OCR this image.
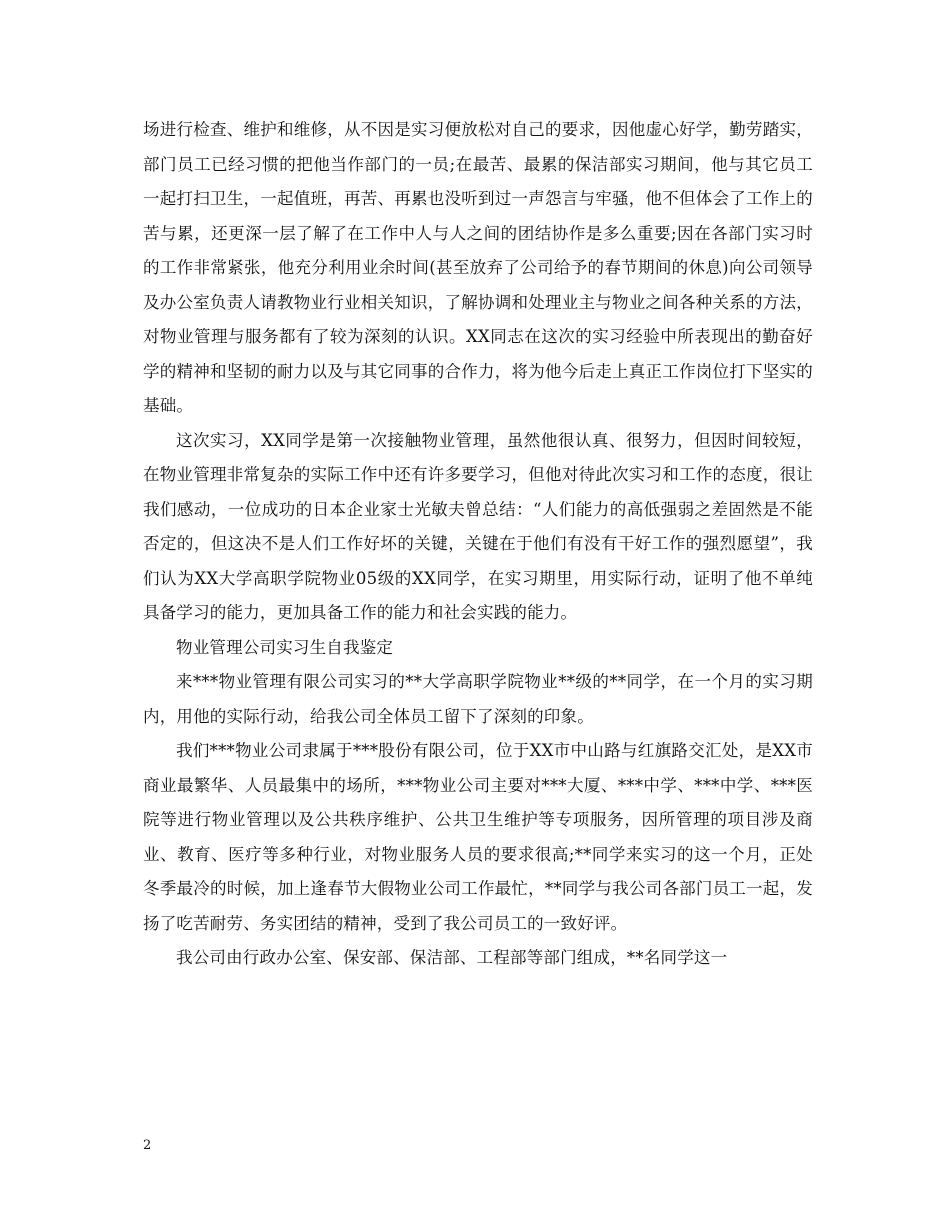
场进行检查、维护和维修，从不因是实习便放松对自己的要求，因他虚心好学，勤劳踏实，部门员工已经习惯的把他当作部门的一员;在最苦、最累的保洁部实习期间，他与其它员工一起打扫卫生，一起值班，再苦、再累也没听到过一声怨言与牢骚，他不但体会了工作上的苦与累，还更深一层了解了在工作中人与人之间的团结协作是多么重要;因在各部门实习时的工作非常紧张，他充分利用业余时间(甚至放弃了公司给予的春节期间的休息)向公司领导及办公室负责人请教物业行业相关知识，了解协调和处理业主与物业之间各种关系的方法，对物业管理与服务都有了较为深刻的认识。XX同志在这次的实习经验中所表现出的勤奋好学的精神和坚韧的耐力以及与其它同事的合作力，将为他今后走上真正工作岗位打下坚实的基础。

这次实习，XX同学是第一次接触物业管理，虽然他很认真、很努力，但因时间较短，在物业管理非常复杂的实际工作中还有许多要学习，但他对待此次实习和工作的态度，很让我们感动，一位成功的日本企业家士光敏夫曾总结：“人们能力的高低强弱之差固然是不能否定的，但这决不是人们工作好坏的关键，关键在于他们有没有干好工作的强烈愿望”，我们认为XX大学高职学院物业05级的XX同学，在实习期里，用实际行动，证明了他不单纯具备学习的能力，更加具备工作的能力和社会实践的能力。

物业管理公司实习生自我鉴定

来***物业管理有限公司实习的**大学高职学院物业**级的**同学，在一个月的实习期内，用他的实际行动，给我公司全体员工留下了深刻的印象。

我们***物业公司隶属于***股份有限公司，位于XX市中山路与红旗路交汇处，是XX市商业最繁华、人员最集中的场所，***物业公司主要对***大厦、***中学、***中学、***医院等进行物业管理以及公共秩序维护、公共卫生维护等专项服务，因所管理的项目涉及商业、教育、医疗等多种行业，对物业服务人员的要求很高;**同学来实习的这一个月，正处冬季最冷的时候，加上逢春节大假物业公司工作最忙，**同学与我公司各部门员工一起，发扬了吃苦耐劳、务实团结的精神，受到了我公司员工的一致好评。

我公司由行政办公室、保安部、保洁部、工程部等部门组成，**名同学这一

2
